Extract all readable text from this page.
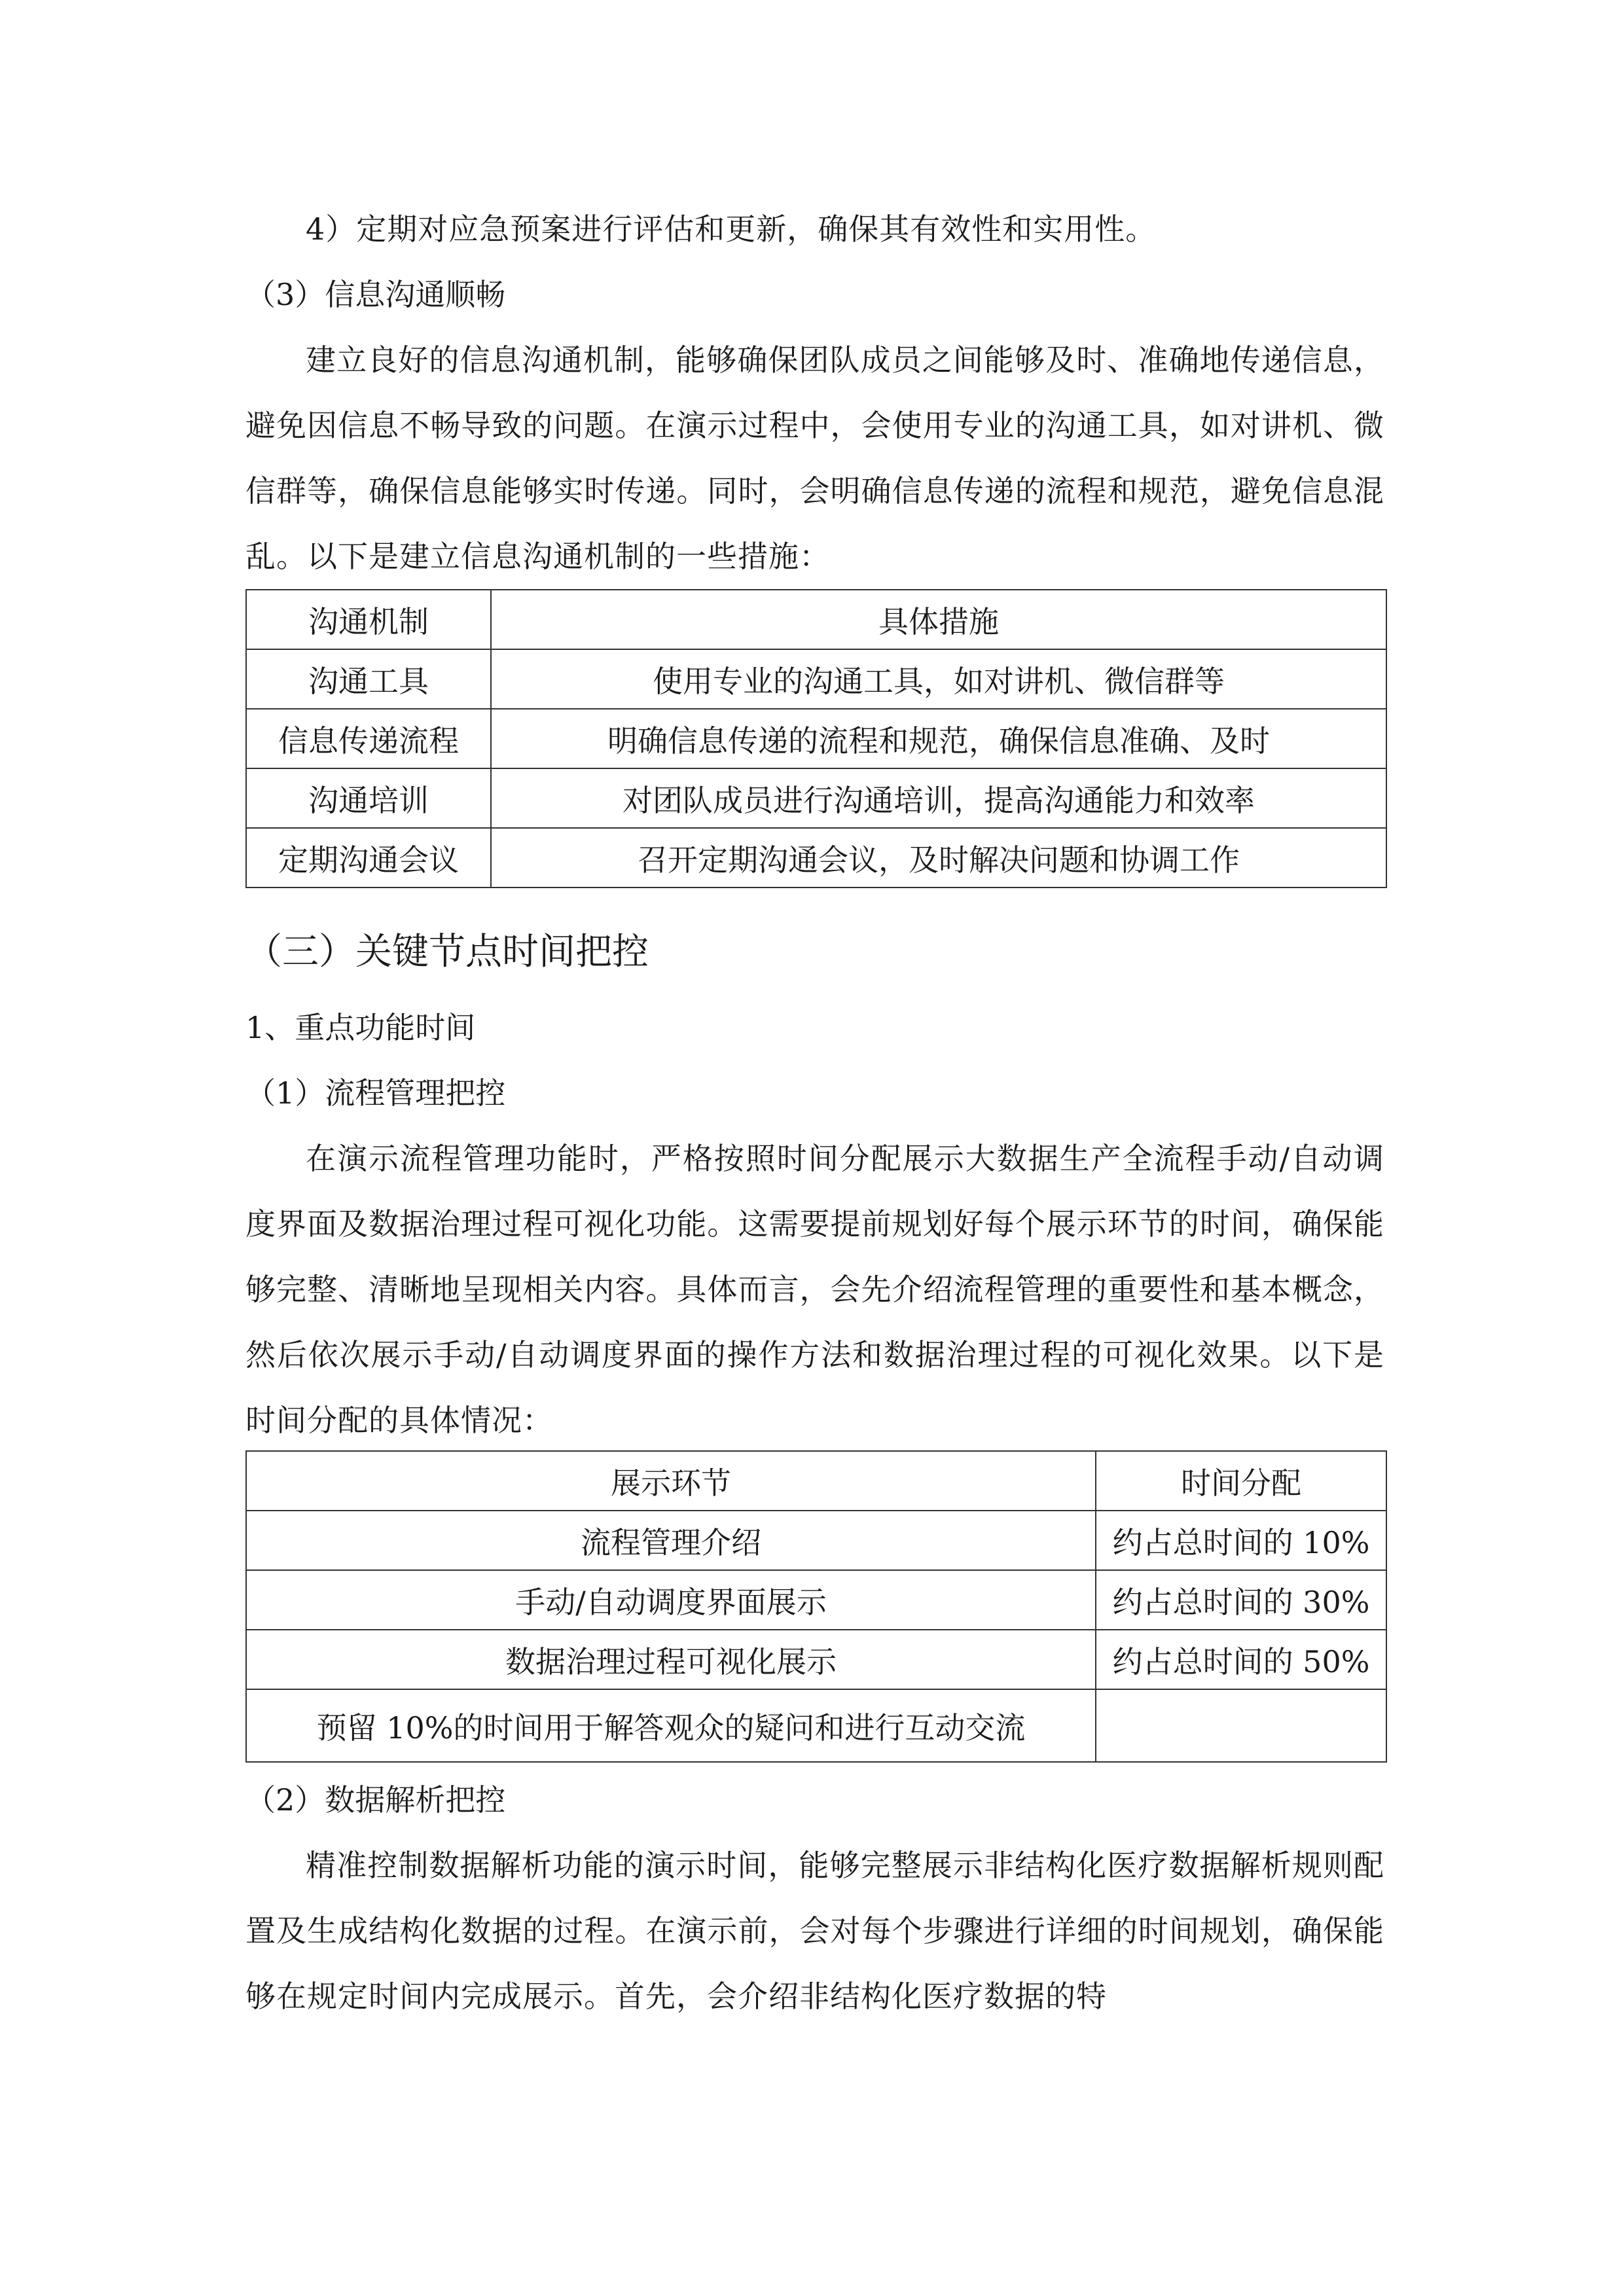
4）定期对应急预案进行评估和更新，确保其有效性和实用性。

（3）信息沟通顺畅

建立良好的信息沟通机制，能够确保团队成员之间能够及时、准确地传递信息，避免因信息不畅导致的问题。在演示过程中，会使用专业的沟通工具，如对讲机、微信群等，确保信息能够实时传递。同时，会明确信息传递的流程和规范，避免信息混乱。以下是建立信息沟通机制的一些措施：

沟通机制	具体措施
沟通工具	使用专业的沟通工具，如对讲机、微信群等
信息传递流程	明确信息传递的流程和规范，确保信息准确、及时
沟通培训	对团队成员进行沟通培训，提高沟通能力和效率
定期沟通会议	召开定期沟通会议，及时解决问题和协调工作

（三）关键节点时间把控

1、重点功能时间

（1）流程管理把控

在演示流程管理功能时，严格按照时间分配展示大数据生产全流程手动/自动调度界面及数据治理过程可视化功能。这需要提前规划好每个展示环节的时间，确保能够完整、清晰地呈现相关内容。具体而言，会先介绍流程管理的重要性和基本概念，然后依次展示手动/自动调度界面的操作方法和数据治理过程的可视化效果。以下是时间分配的具体情况：

展示环节	时间分配
流程管理介绍	约占总时间的 10%
手动/自动调度界面展示	约占总时间的 30%
数据治理过程可视化展示	约占总时间的 50%
预留 10%的时间用于解答观众的疑问和进行互动交流	

（2）数据解析把控

精准控制数据解析功能的演示时间，能够完整展示非结构化医疗数据解析规则配置及生成结构化数据的过程。在演示前，会对每个步骤进行详细的时间规划，确保能够在规定时间内完成展示。首先，会介绍非结构化医疗数据的特
